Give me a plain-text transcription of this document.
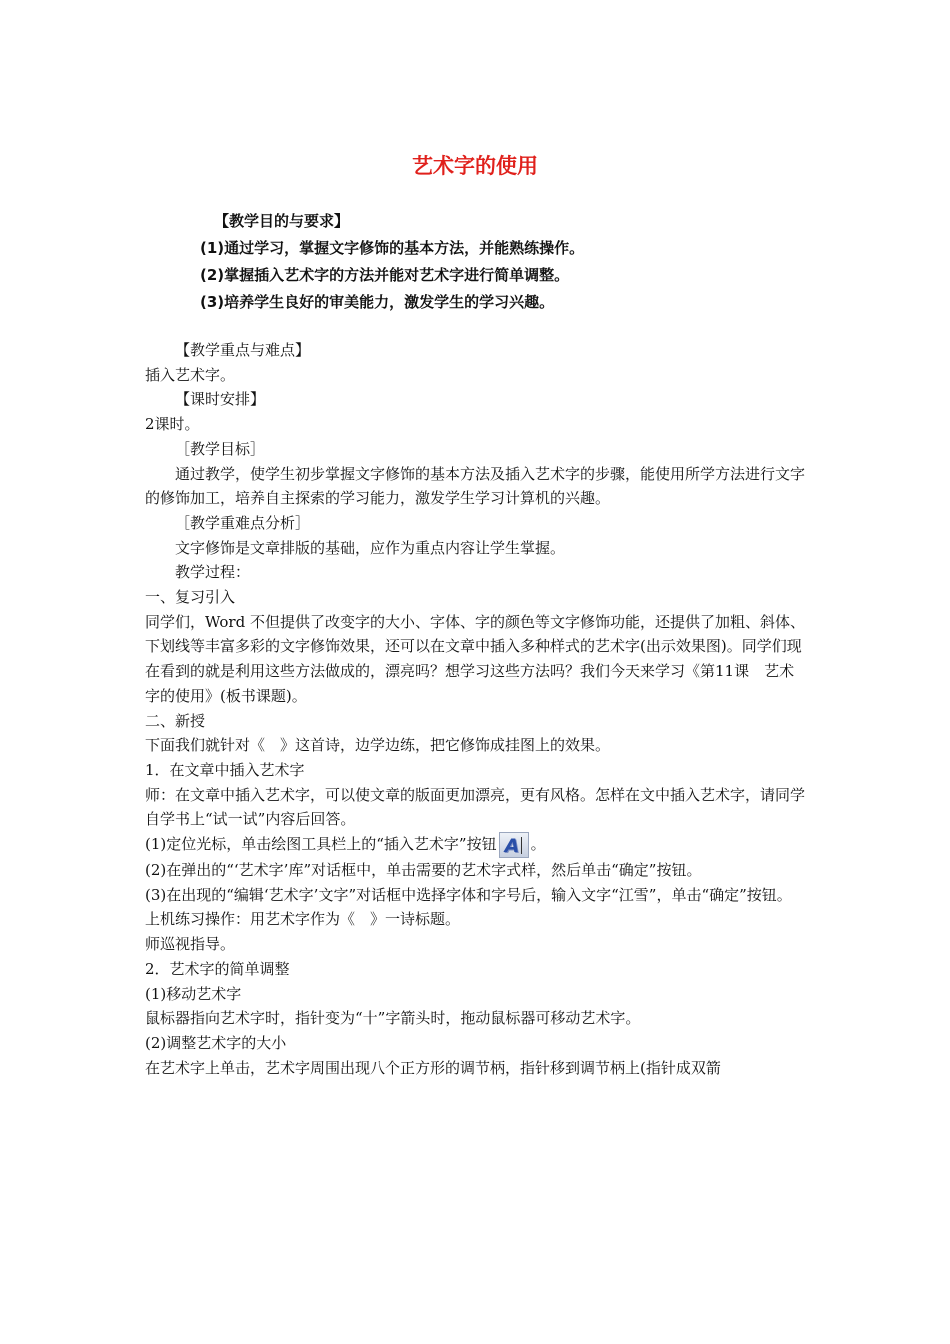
艺术字的使用
【教学目的与要求】
(1)通过学习，掌握文字修饰的基本方法，并能熟练操作。
(2)掌握插入艺术字的方法并能对艺术字进行简单调整。
(3)培养学生良好的审美能力，激发学生的学习兴趣。

【教学重点与难点】

插入艺术字。

【课时安排】

2课时。

［教学目标］

通过教学，使学生初步掌握文字修饰的基本方法及插入艺术字的步骤，能使用所学方法进行文字的修饰加工，培养自主探索的学习能力，激发学生学习计算机的兴趣。

［教学重难点分析］

文字修饰是文章排版的基础，应作为重点内容让学生掌握。

教学过程：

一、复习引入

同学们，Word 不但提供了改变字的大小、字体、字的颜色等文字修饰功能，还提供了加粗、斜体、下划线等丰富多彩的文字修饰效果，还可以在文章中插入多种样式的艺术字(出示效果图)。同学们现在看到的就是利用这些方法做成的，漂亮吗？想学习这些方法吗？我们今天来学习《第11课　艺术字的使用》(板书课题)。

二、新授

下面我们就针对《　》这首诗，边学边练，把它修饰成挂图上的效果。

1．在文章中插入艺术字

师：在文章中插入艺术字，可以使文章的版面更加漂亮，更有风格。怎样在文中插入艺术字，请同学自学书上“试一试”内容后回答。

(1)定位光标，单击绘图工具栏上的“插入艺术字”按钮 A 。

(2)在弹出的“‘艺术字’库”对话框中，单击需要的艺术字式样，然后单击“确定”按钮。

(3)在出现的“编辑‘艺术字’文字”对话框中选择字体和字号后，输入文字“江雪”，单击“确定”按钮。

上机练习操作：用艺术字作为《　》一诗标题。

师巡视指导。

2．艺术字的简单调整

(1)移动艺术字

鼠标器指向艺术字时，指针变为“十”字箭头时，拖动鼠标器可移动艺术字。

(2)调整艺术字的大小

在艺术字上单击，艺术字周围出现八个正方形的调节柄，指针移到调节柄上(指针成双箭
